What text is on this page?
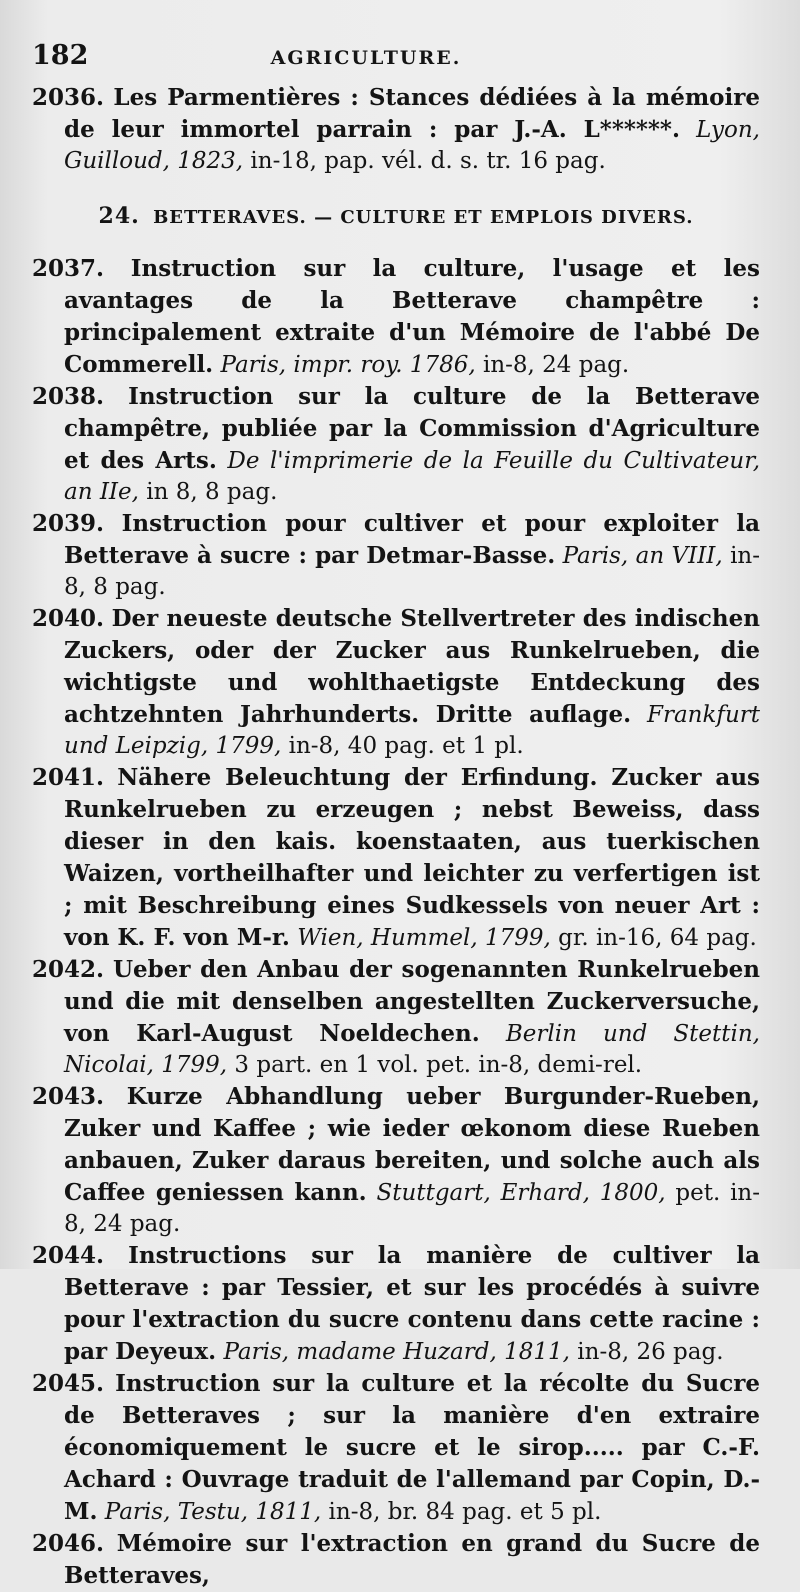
182	AGRICULTURE.

2036. Les Parmentières : Stances dédiées à la mémoire de leur immortel parrain : par J.-A. L******. Lyon, Guilloud, 1823, in-18, pap. vél. d. s. tr. 16 pag.

24. BETTERAVES. — CULTURE ET EMPLOIS DIVERS.

2037. Instruction sur la culture, l'usage et les avantages de la Betterave champêtre : principalement extraite d'un Mémoire de l'abbé De Commerell. Paris, impr. roy. 1786, in-8, 24 pag.

2038. Instruction sur la culture de la Betterave champêtre, publiée par la Commission d'Agriculture et des Arts. De l'imprimerie de la Feuille du Cultivateur, an IIe, in 8, 8 pag.

2039. Instruction pour cultiver et pour exploiter la Betterave à sucre : par Detmar-Basse. Paris, an VIII, in-8, 8 pag.

2040. Der neueste deutsche Stellvertreter des indischen Zuckers, oder der Zucker aus Runkelrueben, die wichtigste und wohlthaetigste Entdeckung des achtzehnten Jahrhunderts. Dritte auflage. Frankfurt und Leipzig, 1799, in-8, 40 pag. et 1 pl.

2041. Nähere Beleuchtung der Erfindung. Zucker aus Runkelrueben zu erzeugen ; nebst Beweiss, dass dieser in den kais. koenstaaten, aus tuerkischen Waizen, vortheilhafter und leichter zu verfertigen ist ; mit Beschreibung eines Sudkessels von neuer Art : von K. F. von M-r. Wien, Hummel, 1799, gr. in-16, 64 pag.

2042. Ueber den Anbau der sogenannten Runkelrueben und die mit denselben angestellten Zuckerversuche, von Karl-August Noeldechen. Berlin und Stettin, Nicolai, 1799, 3 part. en 1 vol. pet. in-8, demi-rel.

2043. Kurze Abhandlung ueber Burgunder-Rueben, Zuker und Kaffee ; wie ieder œkonom diese Rueben anbauen, Zuker daraus bereiten, und solche auch als Caffee geniessen kann. Stuttgart, Erhard, 1800, pet. in-8, 24 pag.

2044. Instructions sur la manière de cultiver la Betterave : par Tessier, et sur les procédés à suivre pour l'extraction du sucre contenu dans cette racine : par Deyeux. Paris, madame Huzard, 1811, in-8, 26 pag.

2045. Instruction sur la culture et la récolte du Sucre de Betteraves ; sur la manière d'en extraire économiquement le sucre et le sirop..... par C.-F. Achard : Ouvrage traduit de l'allemand par Copin, D.-M. Paris, Testu, 1811, in-8, br. 84 pag. et 5 pl.

2046. Mémoire sur l'extraction en grand du Sucre de Betteraves,
